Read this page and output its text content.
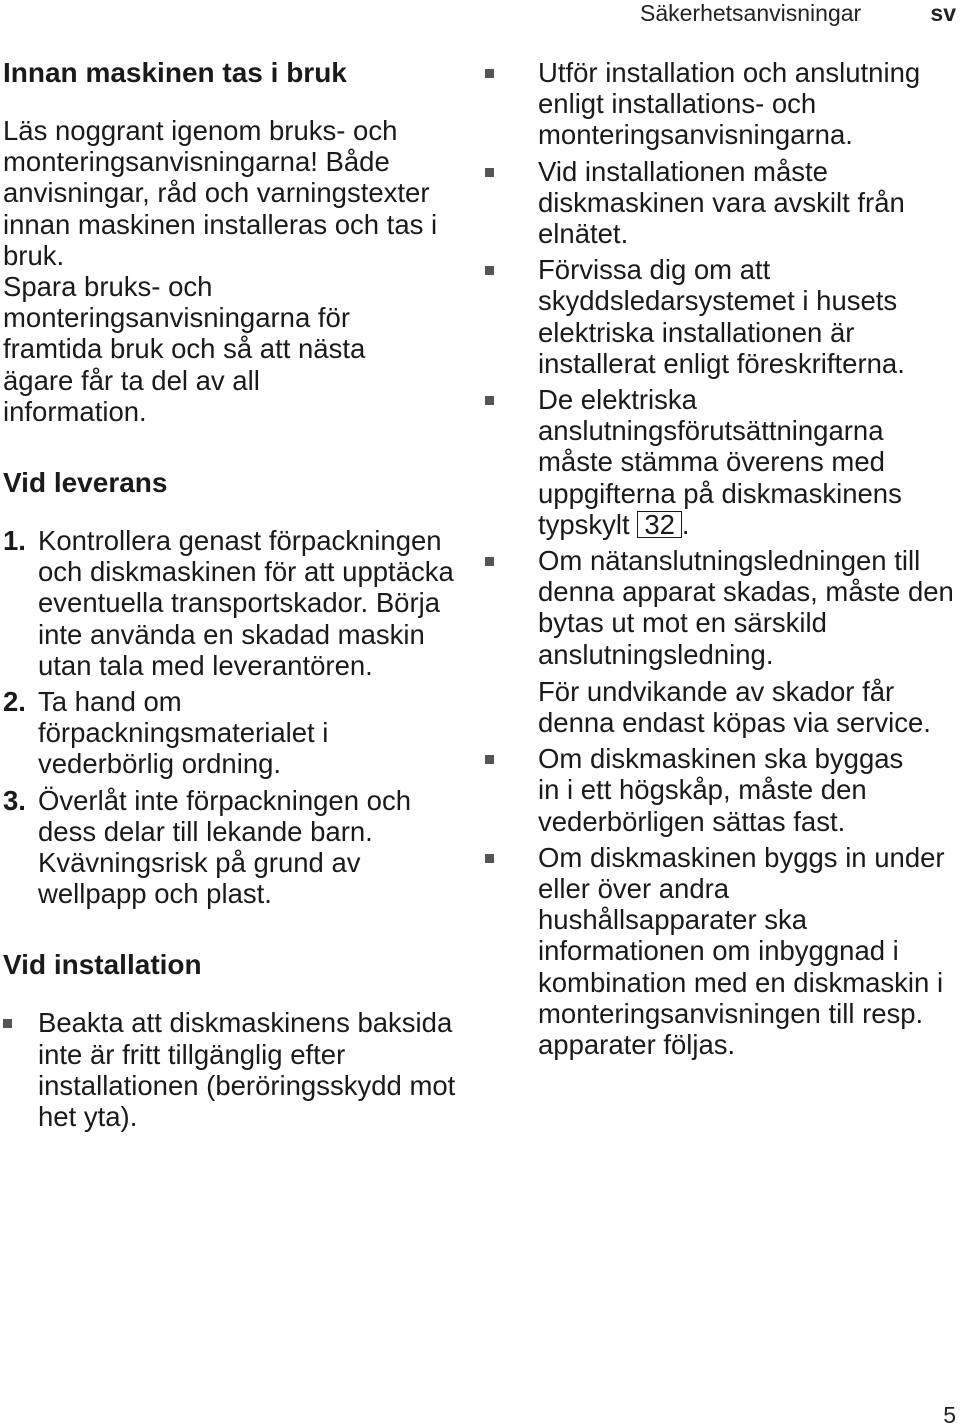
Säkerhetsanvisningar	sv
Innan maskinen tas i bruk

Läs noggrant igenom bruks- och monteringsanvisningarna! Både anvisningar, råd och varningstexter innan maskinen installeras och tas i bruk.

Spara bruks- och monteringsanvisningarna för framtida bruk och så att nästa ägare får ta del av all information.

Vid leverans
1. Kontrollera genast förpackningen och diskmaskinen för att upptäcka eventuella transportskador. Börja inte använda en skadad maskin utan tala med leverantören.
2. Ta hand om förpackningsmaterialet i vederbörlig ordning.
3. Överlåt inte förpackningen och dess delar till lekande barn. Kvävningsrisk på grund av wellpapp och plast.
Vid installation
Beakta att diskmaskinens baksida inte är fritt tillgänglig efter installationen (beröringsskydd mot het yta).
Utför installation och anslutning enligt installations- och monteringsanvisningarna.
Vid installationen måste diskmaskinen vara avskilt från elnätet.
Förvissa dig om att skyddsledarsystemet i husets elektriska installationen är installerat enligt föreskrifterna.
De elektriska anslutningsförutsättningarna måste stämma överens med uppgifterna på diskmaskinens typskylt 32 .
Om nätanslutningsledningen till denna apparat skadas, måste den bytas ut mot en särskild anslutningsledning.

För undvikande av skador får denna endast köpas via service.

Om diskmaskinen ska byggas in i ett högskåp, måste den vederbörligen sättas fast.
Om diskmaskinen byggs in under eller över andra hushållsapparater ska informationen om inbyggnad i kombination med en diskmaskin i monteringsanvisningen till resp. apparater följas.
5
